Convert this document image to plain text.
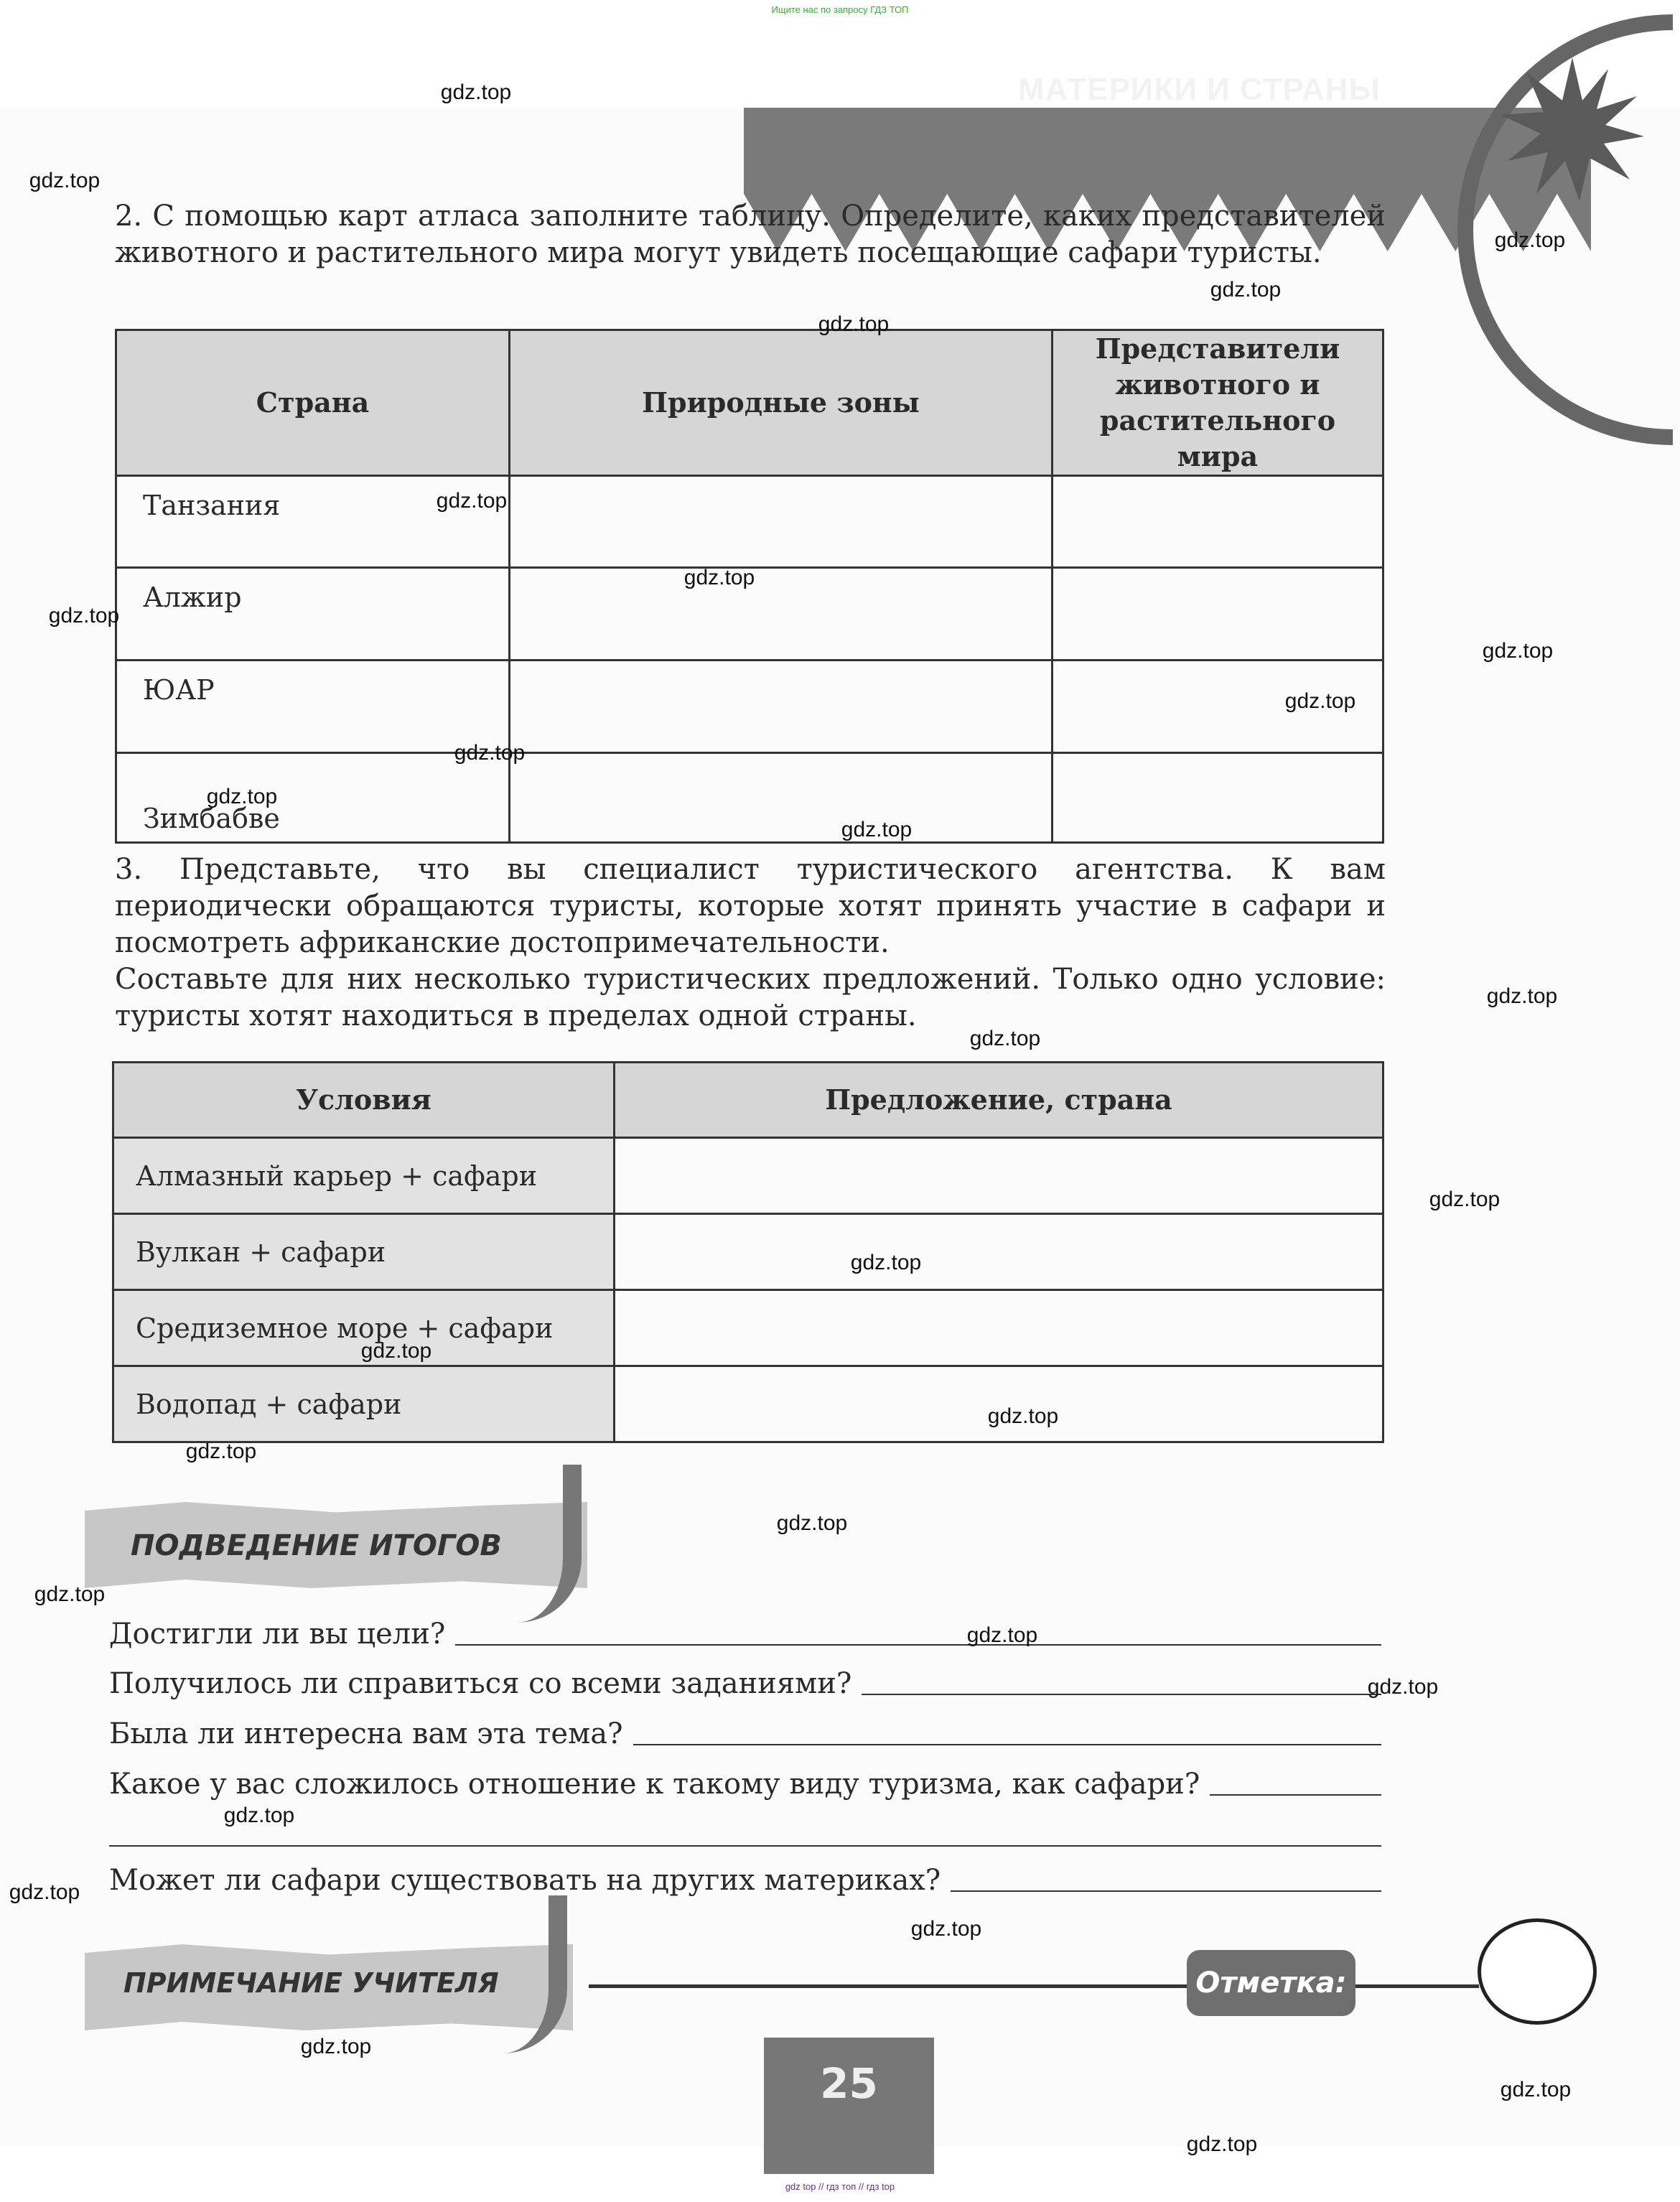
Ищите нас по запросу ГДЗ ТОП
МАТЕРИКИ И СТРАНЫ

2. С помощью карт атласа заполните таблицу. Определите, каких представителей животного и растительного мира могут увидеть посещающие сафари туристы.

Страна	Природные зоны	Представители животного и растительного мира
Танзания		
Алжир		
ЮАР		
Зимбабве		

3. Представьте, что вы специалист туристического агентства. К вам периодически обращаются туристы, которые хотят принять участие в сафари и посмотреть африканские достопримечательности.

Составьте для них несколько туристических предложений. Только одно условие: туристы хотят находиться в пределах одной страны.

Условия	Предложение, страна
Алмазный карьер + сафари	
Вулкан + сафари	
Средиземное море + сафари	
Водопад + сафари	
ПОДВЕДЕНИЕ ИТОГОВ
Достигли ли вы цели?
Получилось ли справиться со всеми заданиями?
Была ли интересна вам эта тема?
Какое у вас сложилось отношение к такому виду туризма, как сафари?
Может ли сафари существовать на других материках?
ПРИМЕЧАНИЕ УЧИТЕЛЯ	Отметка:
25
gdz top // гдз топ // гдз top
gdz.top
gdz.top
gdz.top
gdz.top
gdz.top
gdz.top
gdz.top
gdz.top
gdz.top
gdz.top
gdz.top
gdz.top
gdz.top
gdz.top
gdz.top
gdz.top
gdz.top
gdz.top
gdz.top
gdz.top
gdz.top
gdz.top
gdz.top
gdz.top
gdz.top
gdz.top
gdz.top
gdz.top
gdz.top
gdz.top
